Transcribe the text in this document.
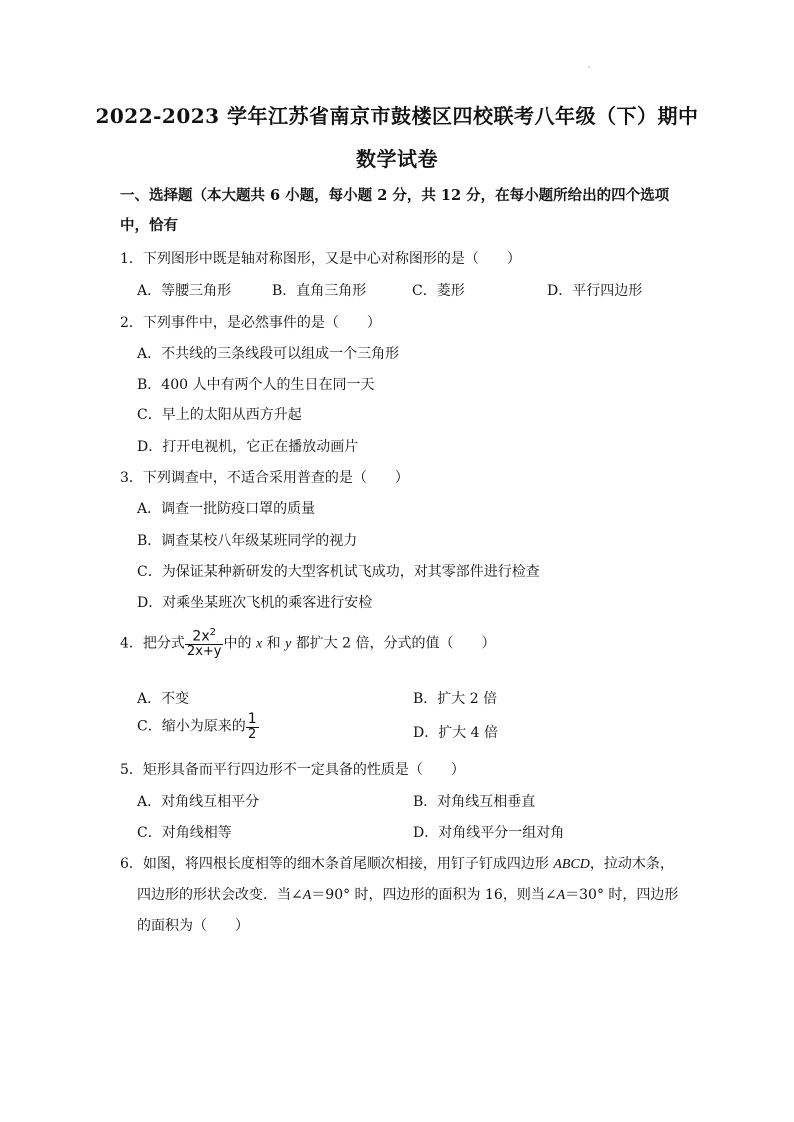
2022-2023 学年江苏省南京市鼓楼区四校联考八年级（下）期中
数学试卷
一、选择题（本大题共 6 小题，每小题 2 分，共 12 分，在每小题所给出的四个选项中，恰有
1．下列图形中既是轴对称图形，又是中心对称图形的是（　　）
A．等腰三角形	B．直角三角形	C．菱形	D．平行四边形
2．下列事件中，是必然事件的是（　　）
A．不共线的三条线段可以组成一个三角形
B．400 人中有两个人的生日在同一天
C．早上的太阳从西方升起
D．打开电视机，它正在播放动画片
3．下列调查中，不适合采用普查的是（　　）
A．调查一批防疫口罩的质量
B．调查某校八年级某班同学的视力
C．为保证某种新研发的大型客机试飞成功，对其零部件进行检查
D．对乘坐某班次飞机的乘客进行安检
4．把分式 $\frac{2x^2}{2x+y}$ 中的 x 和 y 都扩大 2 倍，分式的值（　　）
A．不变	B．扩大 2 倍
C．缩小为原来的 $\frac{1}{2}$	D．扩大 4 倍
5．矩形具备而平行四边形不一定具备的性质是（　　）
A．对角线互相平分	B．对角线互相垂直
C．对角线相等	D．对角线平分一组对角
6．如图，将四根长度相等的细木条首尾顺次相接，用钉子钉成四边形 ABCD，拉动木条，
四边形的形状会改变．当∠A＝90° 时，四边形的面积为 16，则当∠A＝30° 时，四边形
的面积为（　　）
